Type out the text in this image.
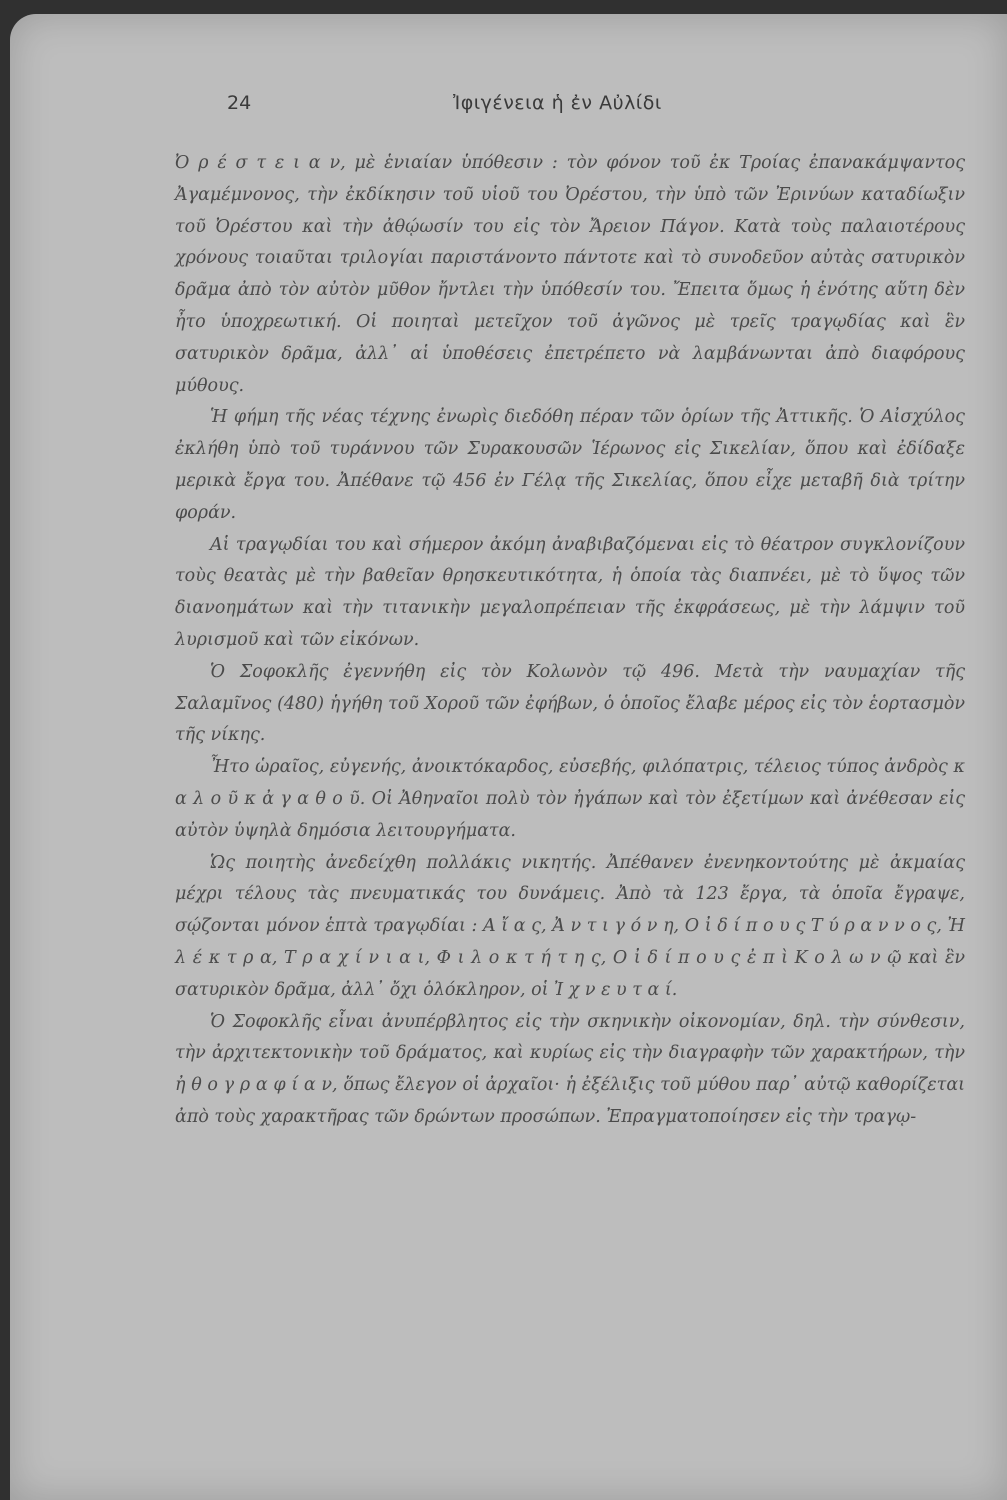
24	Ἰφιγένεια ἡ ἐν Αὐλίδι

Ὀ ρ έ σ τ ε ι α ν, μὲ ἑνιαίαν ὑπόθεσιν : τὸν φόνον τοῦ ἐκ Τροίας ἐπανακάμψαντος Ἀγαμέμνονος, τὴν ἐκδίκησιν τοῦ υἱοῦ του Ὀρέστου, τὴν ὑπὸ τῶν Ἐρινύων καταδίωξιν τοῦ Ὀρέστου καὶ τὴν ἀθῴωσίν του εἰς τὸν Ἄρειον Πάγον. Κατὰ τοὺς παλαιοτέρους χρόνους τοιαῦται τριλογίαι παριστάνοντο πάντοτε καὶ τὸ συνοδεῦον αὐτὰς σατυρικὸν δρᾶμα ἀπὸ τὸν αὐτὸν μῦθον ἤντλει τὴν ὑπόθεσίν του. Ἔπειτα ὅμως ἡ ἑνότης αὕτη δὲν ἦτο ὑποχρεωτική. Οἱ ποιηταὶ μετεῖχον τοῦ ἀγῶνος μὲ τρεῖς τραγῳδίας καὶ ἓν σατυρικὸν δρᾶμα, ἀλλ᾽ αἱ ὑποθέσεις ἐπετρέπετο νὰ λαμβάνωνται ἀπὸ διαφόρους μύθους.

Ἡ φήμη τῆς νέας τέχνης ἐνωρὶς διεδόθη πέραν τῶν ὁρίων τῆς Ἀττικῆς. Ὁ Αἰσχύλος ἐκλήθη ὑπὸ τοῦ τυράννου τῶν Συρακουσῶν Ἱέρωνος εἰς Σικελίαν, ὅπου καὶ ἐδίδαξε μερικὰ ἔργα του. Ἀπέθανε τῷ 456 ἐν Γέλᾳ τῆς Σικελίας, ὅπου εἶχε μεταβῆ διὰ τρίτην φοράν.

Αἱ τραγῳδίαι του καὶ σήμερον ἀκόμη ἀναβιβαζόμεναι εἰς τὸ θέατρον συγκλονίζουν τοὺς θεατὰς μὲ τὴν βαθεῖαν θρησκευτικότητα, ἡ ὁποία τὰς διαπνέει, μὲ τὸ ὕψος τῶν διανοημάτων καὶ τὴν τιτανικὴν μεγαλοπρέπειαν τῆς ἐκφράσεως, μὲ τὴν λάμψιν τοῦ λυρισμοῦ καὶ τῶν εἰκόνων.

Ὁ Σοφοκλῆς ἐγεννήθη εἰς τὸν Κολωνὸν τῷ 496. Μετὰ τὴν ναυμαχίαν τῆς Σαλαμῖνος (480) ἡγήθη τοῦ Χοροῦ τῶν ἐφήβων, ὁ ὁποῖος ἔλαβε μέρος εἰς τὸν ἑορτασμὸν τῆς νίκης.

Ἦτο ὡραῖος, εὐγενής, ἀνοικτόκαρδος, εὐσεβής, φιλόπατρις, τέλειος τύπος ἀνδρὸς κ α λ ο ῦ κ ἀ γ α θ ο ῦ. Οἱ Ἀθηναῖοι πολὺ τὸν ἠγάπων καὶ τὸν ἐξετίμων καὶ ἀνέθεσαν εἰς αὐτὸν ὑψηλὰ δημόσια λειτουργήματα.

Ὡς ποιητὴς ἀνεδείχθη πολλάκις νικητής. Ἀπέθανεν ἐνενηκοντούτης μὲ ἀκμαίας μέχρι τέλους τὰς πνευματικάς του δυνάμεις. Ἀπὸ τὰ 123 ἔργα, τὰ ὁποῖα ἔγραψε, σῴζονται μόνον ἑπτὰ τραγῳδίαι : Α ἴ α ς, Ἀ ν τ ι γ ό ν η, Ο ἰ δ ί π ο υ ς Τ ύ ρ α ν ν ο ς, Ἠ λ έ κ τ ρ α, Τ ρ α χ ί ν ι α ι, Φ ι λ ο κ τ ή τ η ς, Ο ἰ δ ί π ο υ ς ἐ π ὶ Κ ο λ ω ν ῷ καὶ ἓν σατυρικὸν δρᾶμα, ἀλλ᾽ ὄχι ὁλόκληρον, οἱ Ἰ χ ν ε υ τ α ί.

Ὁ Σοφοκλῆς εἶναι ἀνυπέρβλητος εἰς τὴν σκηνικὴν οἰκονομίαν, δηλ. τὴν σύνθεσιν, τὴν ἀρχιτεκτονικὴν τοῦ δράματος, καὶ κυρίως εἰς τὴν διαγραφὴν τῶν χαρακτήρων, τὴν ἠ θ ο γ ρ α φ ί α ν, ὅπως ἔλεγον οἱ ἀρχαῖοι· ἡ ἐξέλιξις τοῦ μύθου παρ᾽ αὐτῷ καθορίζεται ἀπὸ τοὺς χαρακτῆρας τῶν δρώντων προσώπων. Ἐπραγματοποίησεν εἰς τὴν τραγῳ-
